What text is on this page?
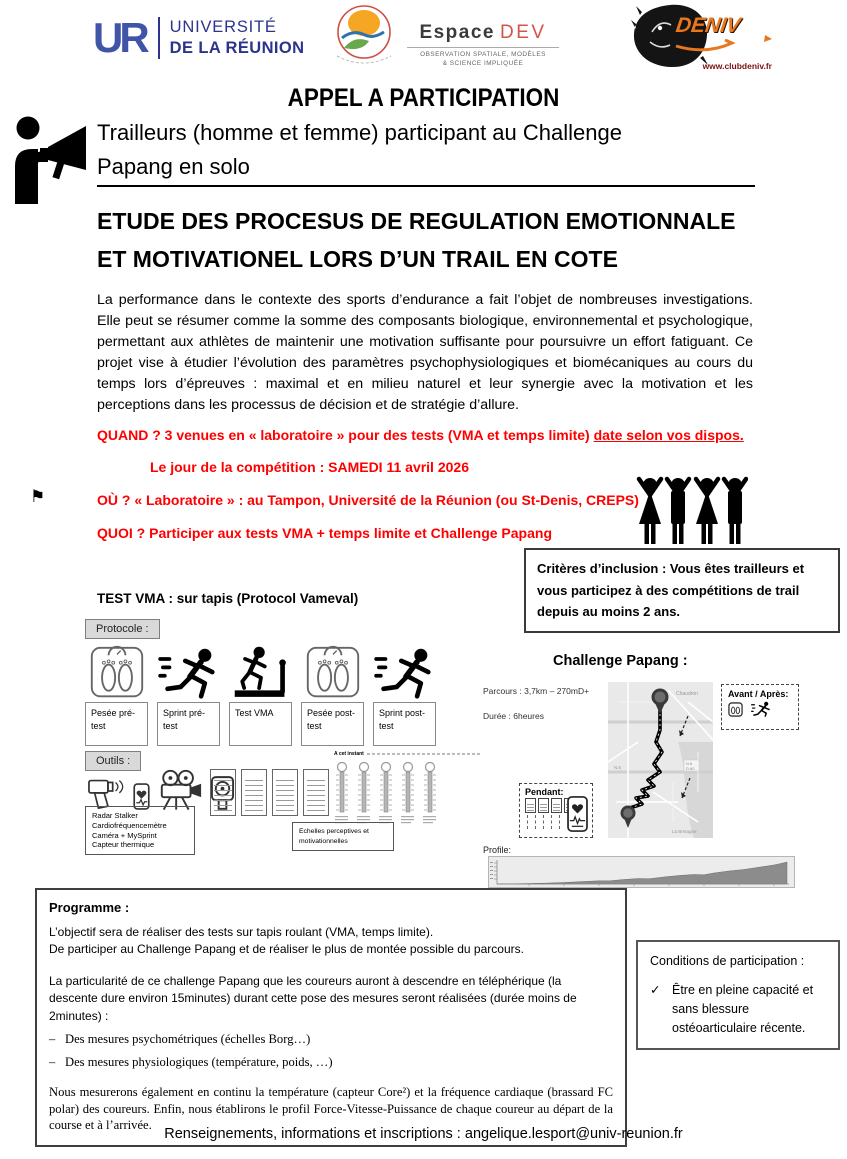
UR UNIVERSITÉ
DE LA RÉUNION
Espace DEV
OBSERVATION SPATIALE, MODÈLES
& SCIENCE IMPLIQUÉE
DENIV
www.clubdeniv.fr
APPEL A PARTICIPATION
Trailleurs (homme et femme) participant au Challenge
Papang en solo
ETUDE DES PROCESUS DE REGULATION EMOTIONNALE
ET MOTIVATIONEL LORS D’UN TRAIL EN COTE
La performance dans le contexte des sports d’endurance a fait l’objet de nombreuses investigations. Elle peut se résumer comme la somme des composants biologique, environnemental et psychologique, permettant aux athlètes de maintenir une motivation suffisante pour poursuivre un effort fatiguant. Ce projet vise à étudier l’évolution des paramètres psychophysiologiques et biomécaniques au cours du temps lors d’épreuves : maximal et en milieu naturel et leur synergie avec la motivation et les perceptions dans les processus de décision et de stratégie d’allure.
QUAND ? 3 venues en « laboratoire » pour des tests (VMA et temps limite) date selon vos dispos.
Le jour de la compétition : SAMEDI 11 avril 2026
⚑	OÙ ? « Laboratoire » : au Tampon, Université de la Réunion (ou St-Denis, CREPS)
QUOI ? Participer aux tests VMA + temps limite et Challenge Papang
Critères d’inclusion : Vous êtes trailleurs et vous participez à des compétitions de trail depuis au moins 2 ans.
TEST VMA : sur tapis (Protocol Vameval)
Protocole :
Pesée pré-test
Sprint pré-test
Test VMA	Pesée post-test
Sprint post-test
Outils :
Radar Stalker
Cardiofréquencemètre
Caméra + MySprint
Capteur thermique
A cet instant
Echelles perceptives et motivationnelles
Challenge Papang :
Parcours : 3,7km – 270mD+
Durée : 6heures
Chaudron
N.6
N.6
D.60
La Bretagne
Avant / Après:
Pendant:
Profile:
Programme :
L’objectif sera de réaliser des tests sur tapis roulant (VMA, temps limite).
De participer au Challenge Papang et de réaliser le plus de montée possible du parcours.
La particularité de ce challenge Papang que les coureurs auront à descendre en téléphérique (la descente dure environ 15minutes) durant cette pose des mesures seront réalisées (durée moins de 2minutes) :
– Des mesures psychométriques (échelles Borg…)
– Des mesures physiologiques (température, poids, …)
Nous mesurerons également en continu la température (capteur Core²) et la fréquence cardiaque (brassard FC polar) des coureurs. Enfin, nous établirons le profil Force-Vitesse-Puissance de chaque coureur au départ de la course et à l’arrivée.
Conditions de participation :
✓ Être en pleine capacité et sans blessure ostéoarticulaire récente.
Renseignements, informations et inscriptions : angelique.lesport@univ-reunion.fr
